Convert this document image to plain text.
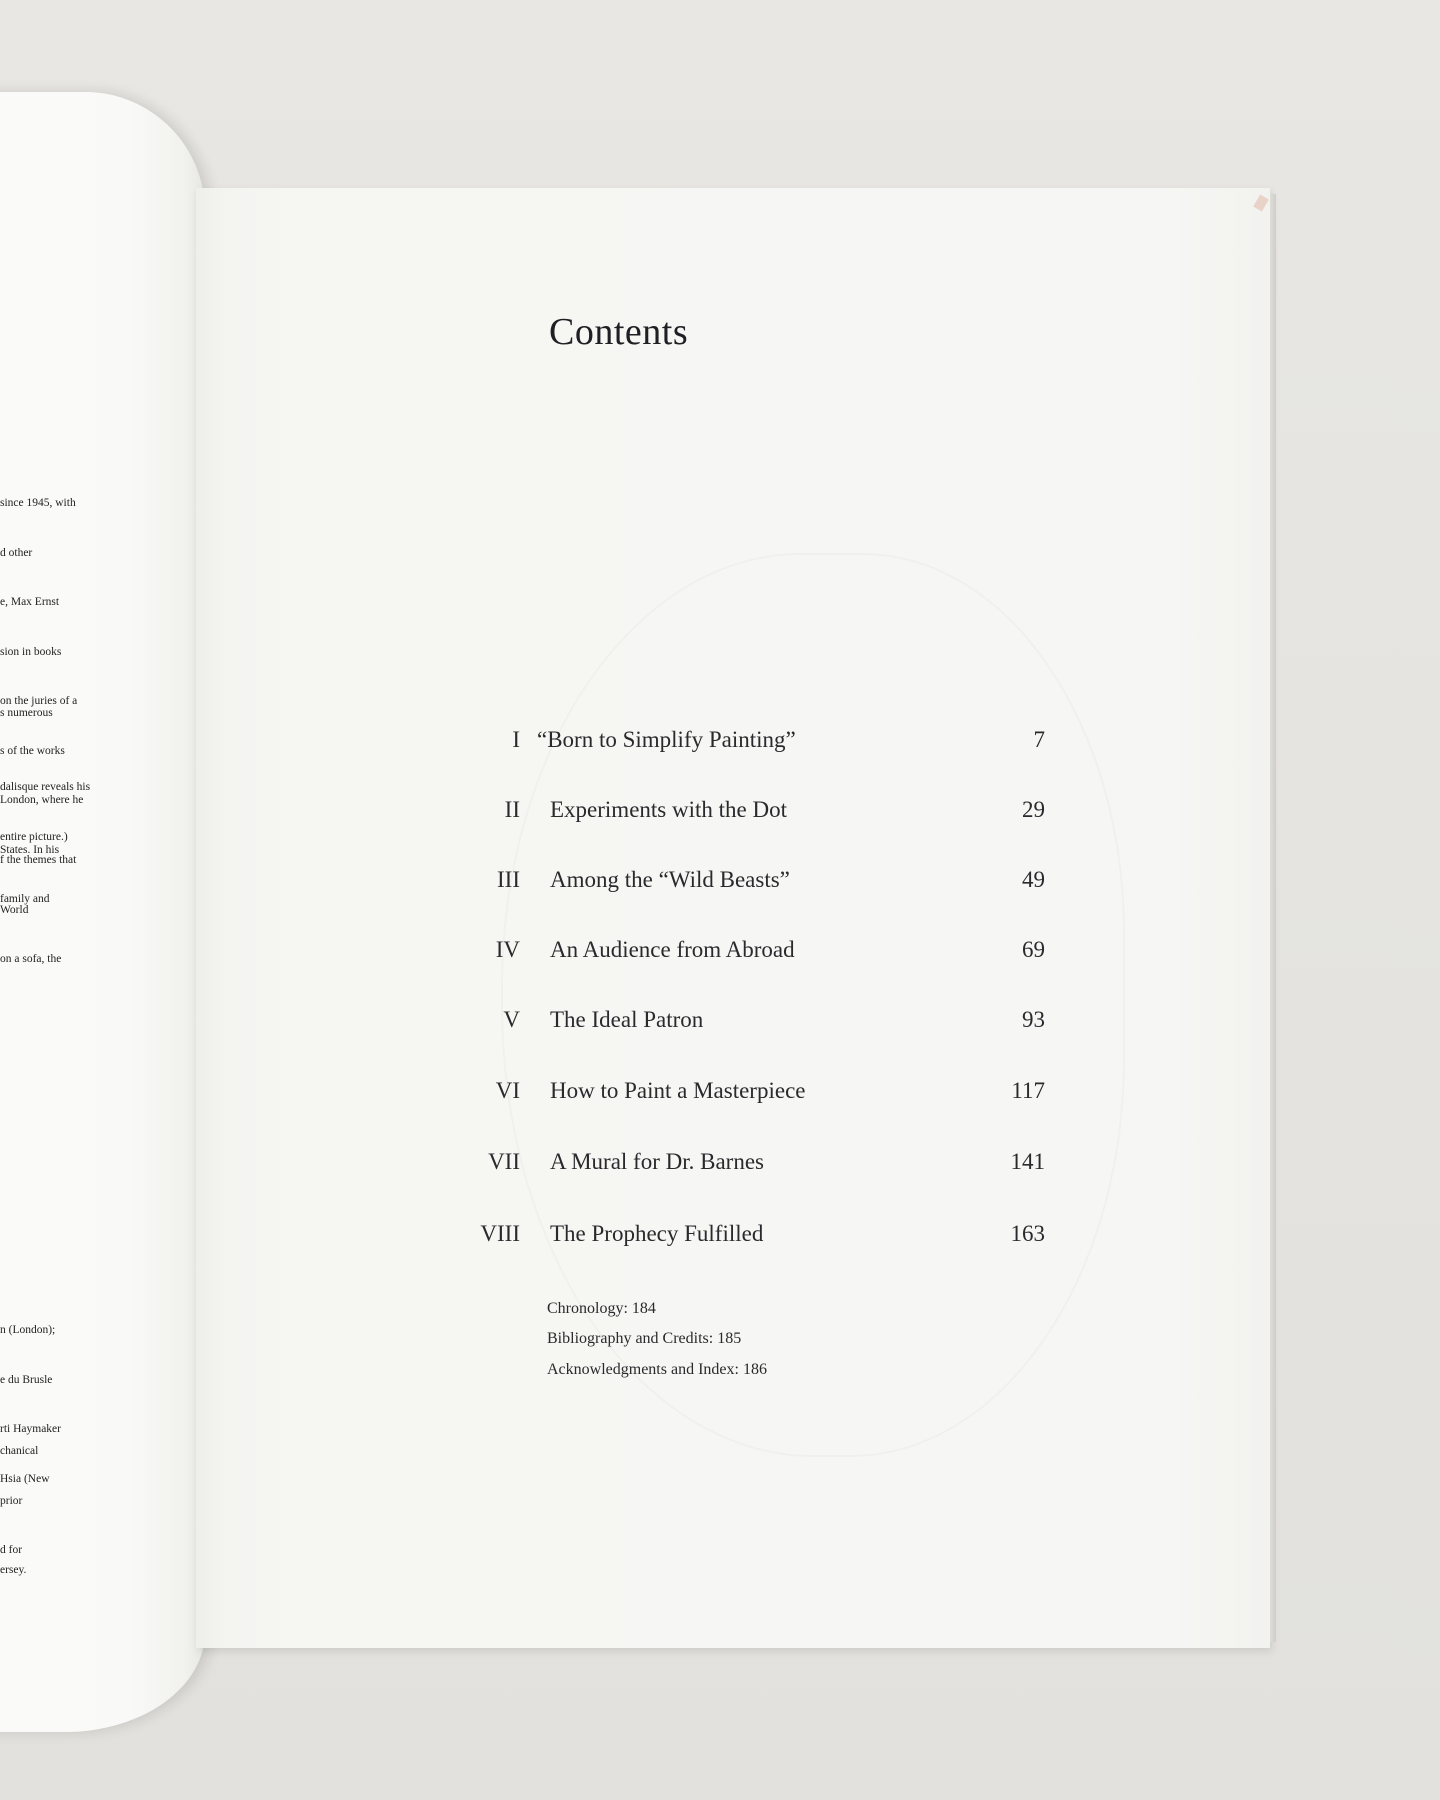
since 1945, with

d other

e, Max Ernst

sion in books

on the juries of a

s of the works

London, where he

States. In his

family and

s numerous

dalisque reveals his

entire picture.)

f the themes that

World

on a sofa, the

n (London);

e du Brusle

rti Haymaker

Hsia (New

chanical

prior

d for

ersey.

Contents
I “Born to Simplify Painting”	7
II Experiments with the Dot	29
III Among the “Wild Beasts”	49
IV An Audience from Abroad	69
V The Ideal Patron	93
VI How to Paint a Masterpiece	117
VII A Mural for Dr. Barnes	141
VIII The Prophecy Fulfilled	163
Chronology: 184
Bibliography and Credits: 185
Acknowledgments and Index: 186
